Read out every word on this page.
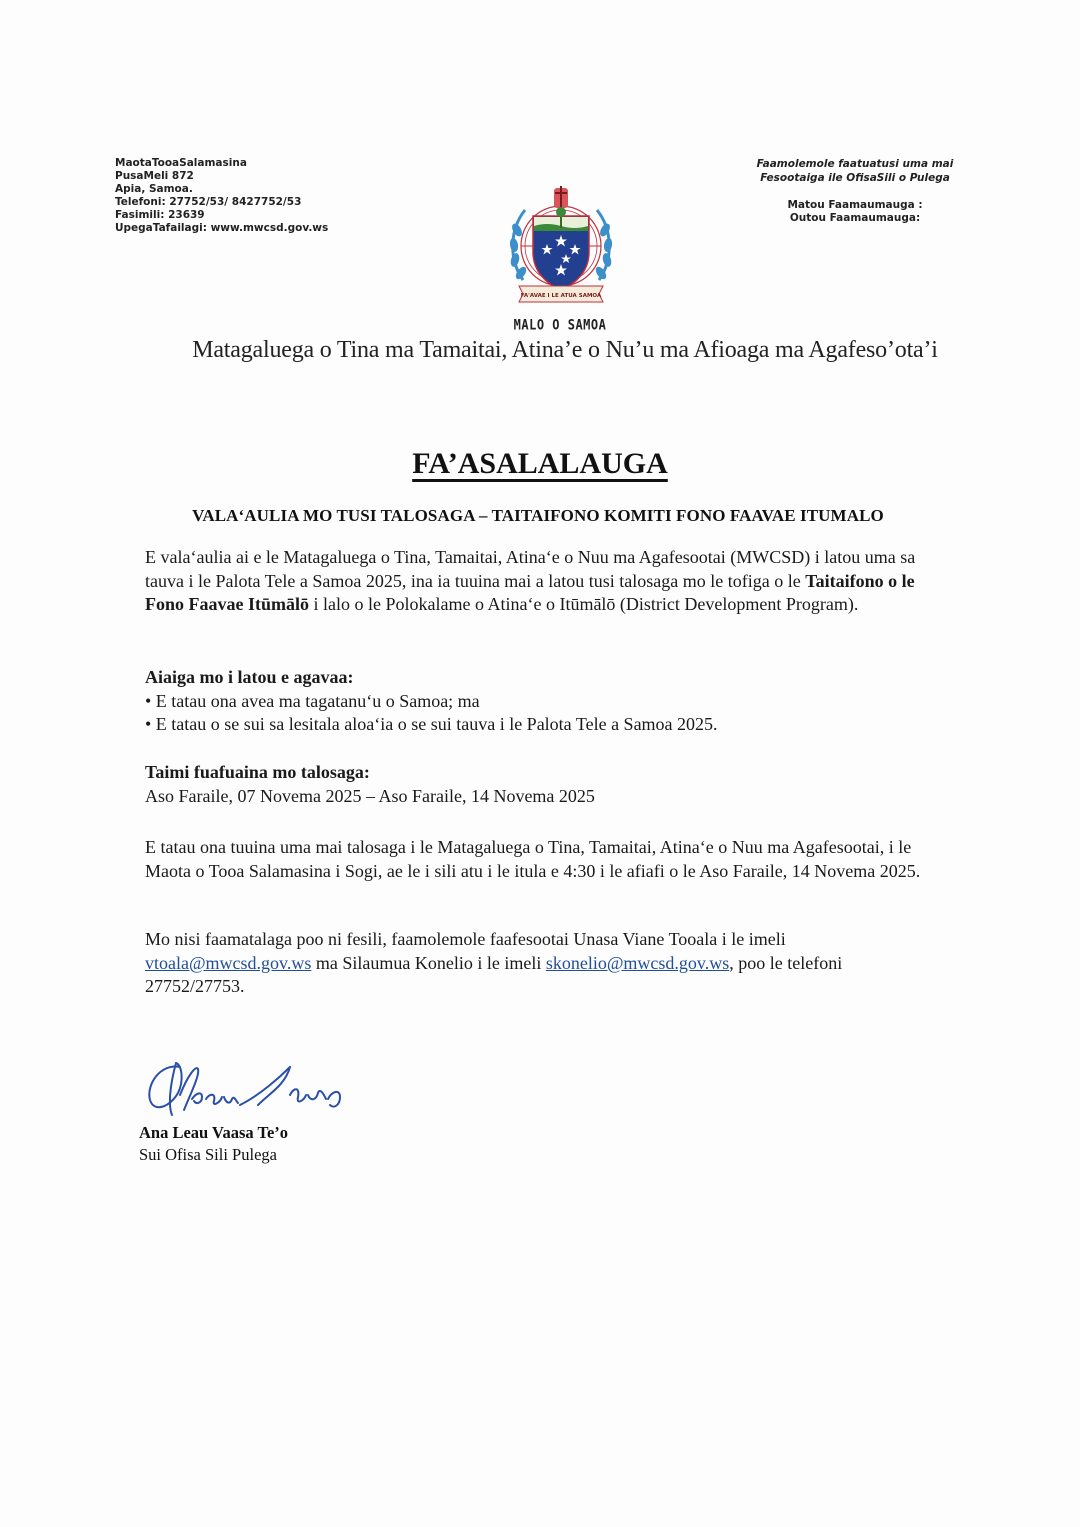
MaotaTooaSalamasina
PusaMeli 872
Apia, Samoa.
Telefoni: 27752/53/ 8427752/53
Fasimili: 23639
UpegaTafailagi: www.mwcsd.gov.ws
Faamolemole faatuatusi uma mai
Fesootaiga ile OfisaSili o Pulega
Matou Faamaumauga :
Outou Faamaumauga:
FA'AVAE I LE ATUA SAMOA
MALO O SAMOA
Matagaluega o Tina ma Tamaitai, Atina’e o Nu’u ma Afioaga ma Agafeso’ota’i
FA’ASALALAUGA
VALA‘AULIA MO TUSI TALOSAGA – TAITAIFONO KOMITI FONO FAAVAE ITUMALO
E vala‘aulia ai e le Matagaluega o Tina, Tamaitai, Atina‘e o Nuu ma Agafesootai (MWCSD) i latou uma sa tauva i le Palota Tele a Samoa 2025, ina ia tuuina mai a latou tusi talosaga mo le tofiga o le Taitaifono o le Fono Faavae Itūmālō i lalo o le Polokalame o Atina‘e o Itūmālō (District Development Program).
Aiaiga mo i latou e agavaa:
• E tatau ona avea ma tagatanu‘u o Samoa; ma
• E tatau o se sui sa lesitala aloa‘ia o se sui tauva i le Palota Tele a Samoa 2025.
Taimi fuafuaina mo talosaga:
Aso Faraile, 07 Novema 2025 – Aso Faraile, 14 Novema 2025
E tatau ona tuuina uma mai talosaga i le Matagaluega o Tina, Tamaitai, Atina‘e o Nuu ma Agafesootai, i le Maota o Tooa Salamasina i Sogi, ae le i sili atu i le itula e 4:30 i le afiafi o le Aso Faraile, 14 Novema 2025.
Mo nisi faamatalaga poo ni fesili, faamolemole faafesootai Unasa Viane Tooala i le imeli vtoala@mwcsd.gov.ws ma Silaumua Konelio i le imeli skonelio@mwcsd.gov.ws, poo le telefoni 27752/27753.
Ana Leau Vaasa Te’o
Sui Ofisa Sili Pulega
